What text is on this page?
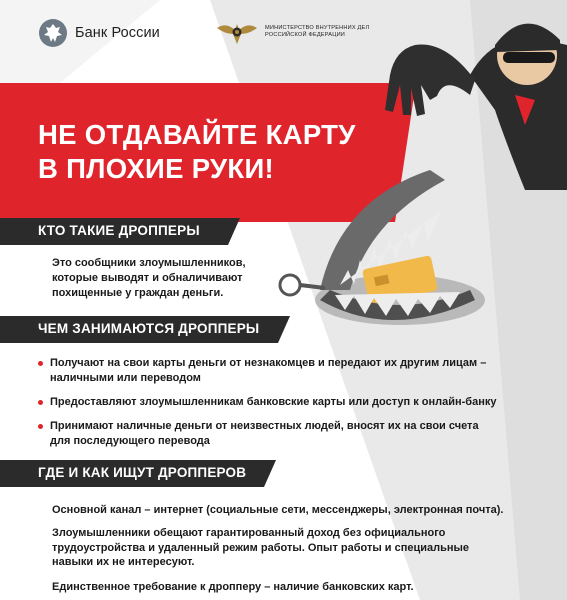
Банк России	МИНИСТЕРСТВО ВНУТРЕННИХ ДЕЛ РОССИЙСКОЙ ФЕДЕРАЦИИ
НЕ ОТДАВАЙТЕ КАРТУ
В ПЛОХИЕ РУКИ!
КТО ТАКИЕ ДРОППЕРЫ
Это сообщники злоумышленников,
которые выводят и обналичивают
похищенные у граждан деньги.
ЧЕМ ЗАНИМАЮТСЯ ДРОППЕРЫ
Получают на свои карты деньги от незнакомцев и передают их другим лицам –
наличными или переводом
Предоставляют злоумышленникам банковские карты или доступ к онлайн-банку
Принимают наличные деньги от неизвестных людей, вносят их на свои счета
для последующего перевода
ГДЕ И КАК ИЩУТ ДРОППЕРОВ
Основной канал – интернет (социальные сети, мессенджеры, электронная почта).
Злоумышленники обещают гарантированный доход без официального
трудоустройства и удаленный режим работы. Опыт работы и специальные
навыки их не интересуют.
Единственное требование к дропперу – наличие банковских карт.
